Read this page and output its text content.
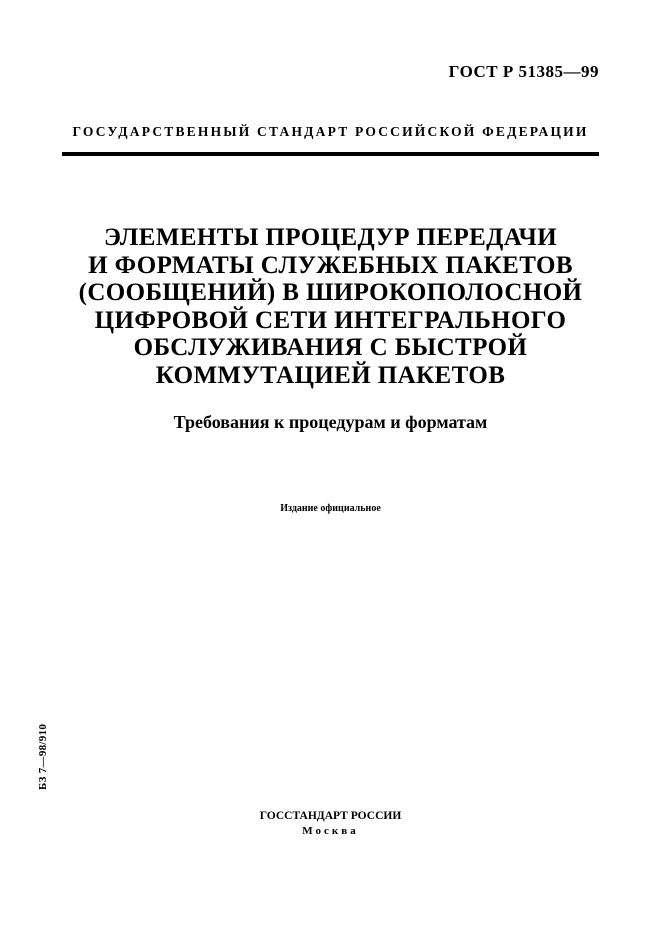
ГОСТ Р 51385—99
ГОСУДАРСТВЕННЫЙ СТАНДАРТ РОССИЙСКОЙ ФЕДЕРАЦИИ
ЭЛЕМЕНТЫ ПРОЦЕДУР ПЕРЕДАЧИ
И ФОРМАТЫ СЛУЖЕБНЫХ ПАКЕТОВ
(СООБЩЕНИЙ) В ШИРОКОПОЛОСНОЙ
ЦИФРОВОЙ СЕТИ ИНТЕГРАЛЬНОГО
ОБСЛУЖИВАНИЯ С БЫСТРОЙ
КОММУТАЦИЕЙ ПАКЕТОВ
Требования к процедурам и форматам
Издание официальное
БЗ 7—98/910
ГОССТАНДАРТ РОССИИ
Москва
